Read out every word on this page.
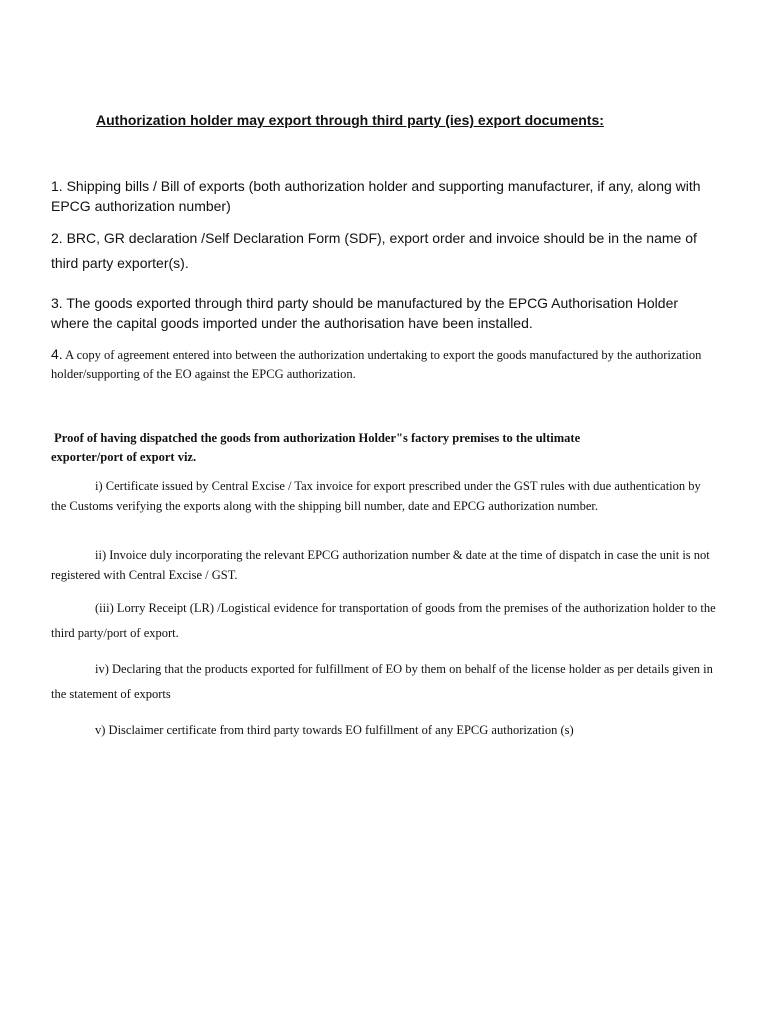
Authorization holder may export through third party (ies) export documents:
1. Shipping bills / Bill of exports (both authorization holder and supporting manufacturer, if any, along with EPCG authorization number)
2. BRC, GR declaration /Self Declaration Form (SDF), export order and invoice should be in the name of third party exporter(s).
3. The goods exported through third party should be manufactured by the EPCG Authorisation Holder where the capital goods imported under the authorisation have been installed.
4. A copy of agreement entered into between the authorization undertaking to export the goods manufactured by the authorization holder/supporting of the EO against the EPCG authorization.
Proof of having dispatched the goods from authorization Holder"s factory premises to the ultimate exporter/port of export viz.
i) Certificate issued by Central Excise / Tax invoice for export prescribed under the GST rules with due authentication by the Customs verifying the exports along with the shipping bill number, date and EPCG authorization number.
ii) Invoice duly incorporating the relevant EPCG authorization number & date at the time of dispatch in case the unit is not registered with Central Excise / GST.
(iii) Lorry Receipt (LR) /Logistical evidence for transportation of goods from the premises of the authorization holder to the third party/port of export.
iv) Declaring that the products exported for fulfillment of EO by them on behalf of the license holder as per details given in the statement of exports
v) Disclaimer certificate from third party towards EO fulfillment of any EPCG authorization (s)
